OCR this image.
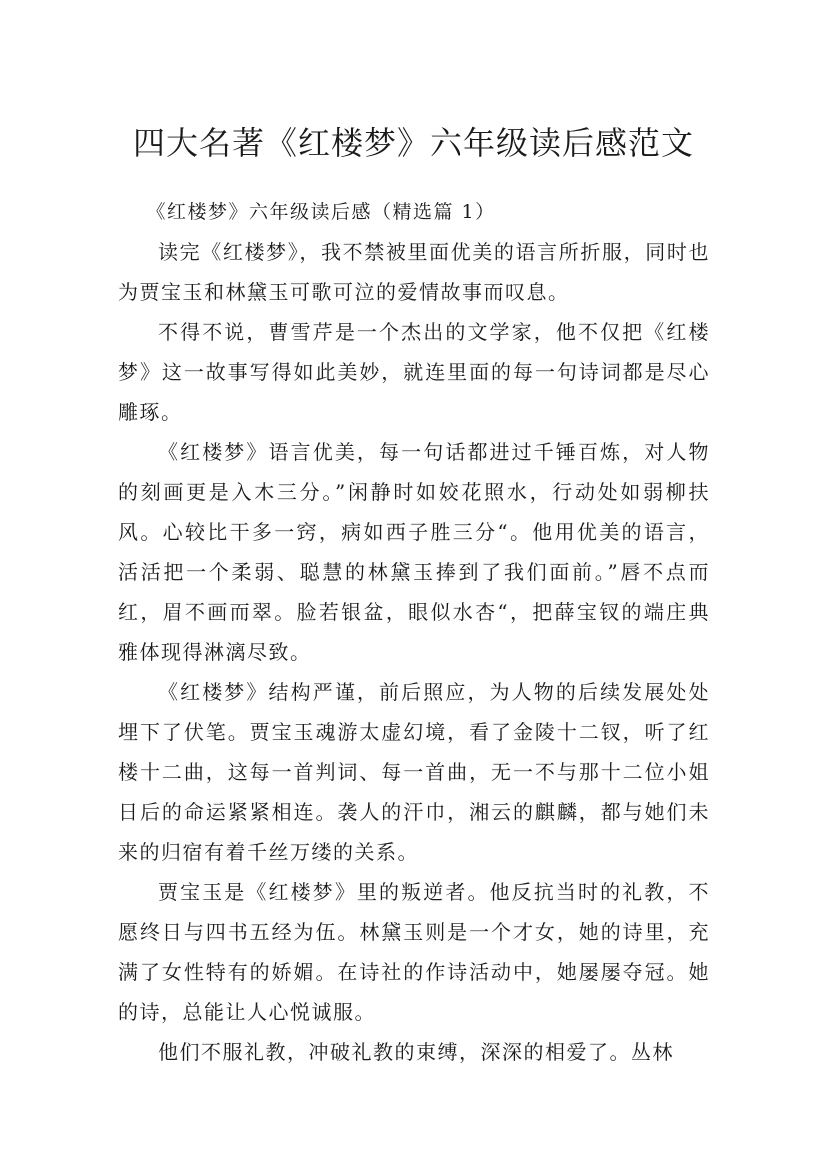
四大名著《红楼梦》六年级读后感范文

《红楼梦》六年级读后感（精选篇 1）

读完《红楼梦》，我不禁被里面优美的语言所折服，同时也为贾宝玉和林黛玉可歌可泣的爱情故事而叹息。

不得不说，曹雪芹是一个杰出的文学家，他不仅把《红楼梦》这一故事写得如此美妙，就连里面的每一句诗词都是尽心雕琢。

《红楼梦》语言优美，每一句话都进过千锤百炼，对人物的刻画更是入木三分。”闲静时如姣花照水，行动处如弱柳扶风。心较比干多一窍，病如西子胜三分“。他用优美的语言，活活把一个柔弱、聪慧的林黛玉捧到了我们面前。”唇不点而红，眉不画而翠。脸若银盆，眼似水杏“，把薛宝钗的端庄典雅体现得淋漓尽致。

《红楼梦》结构严谨，前后照应，为人物的后续发展处处埋下了伏笔。贾宝玉魂游太虚幻境，看了金陵十二钗，听了红楼十二曲，这每一首判词、每一首曲，无一不与那十二位小姐日后的命运紧紧相连。袭人的汗巾，湘云的麒麟，都与她们未来的归宿有着千丝万缕的关系。

贾宝玉是《红楼梦》里的叛逆者。他反抗当时的礼教，不愿终日与四书五经为伍。林黛玉则是一个才女，她的诗里，充满了女性特有的娇媚。在诗社的作诗活动中，她屡屡夺冠。她的诗，总能让人心悦诚服。

他们不服礼教，冲破礼教的束缚，深深的相爱了。丛林
